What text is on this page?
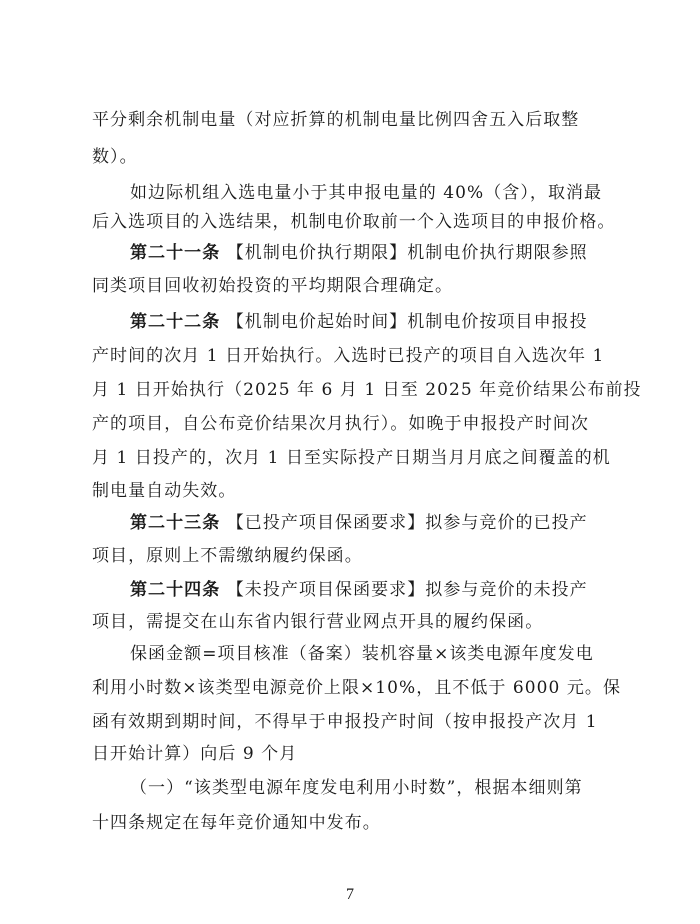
平分剩余机制电量（对应折算的机制电量比例四舍五入后取整
数）。
如边际机组入选电量小于其申报电量的 40%（含），取消最
后入选项目的入选结果，机制电价取前一个入选项目的申报价格。
第二十一条 【机制电价执行期限】机制电价执行期限参照
同类项目回收初始投资的平均期限合理确定。
第二十二条 【机制电价起始时间】机制电价按项目申报投
产时间的次月 1 日开始执行。入选时已投产的项目自入选次年 1
月 1 日开始执行（2025 年 6 月 1 日至 2025 年竞价结果公布前投
产的项目，自公布竞价结果次月执行）。如晚于申报投产时间次
月 1 日投产的，次月 1 日至实际投产日期当月月底之间覆盖的机
制电量自动失效。
第二十三条 【已投产项目保函要求】拟参与竞价的已投产
项目，原则上不需缴纳履约保函。
第二十四条 【未投产项目保函要求】拟参与竞价的未投产
项目，需提交在山东省内银行营业网点开具的履约保函。
保函金额=项目核准（备案）装机容量×该类电源年度发电
利用小时数×该类型电源竞价上限×10%，且不低于 6000 元。保
函有效期到期时间，不得早于申报投产时间（按申报投产次月 1
日开始计算）向后 9 个月
（一）“该类型电源年度发电利用小时数”，根据本细则第
十四条规定在每年竞价通知中发布。
7
